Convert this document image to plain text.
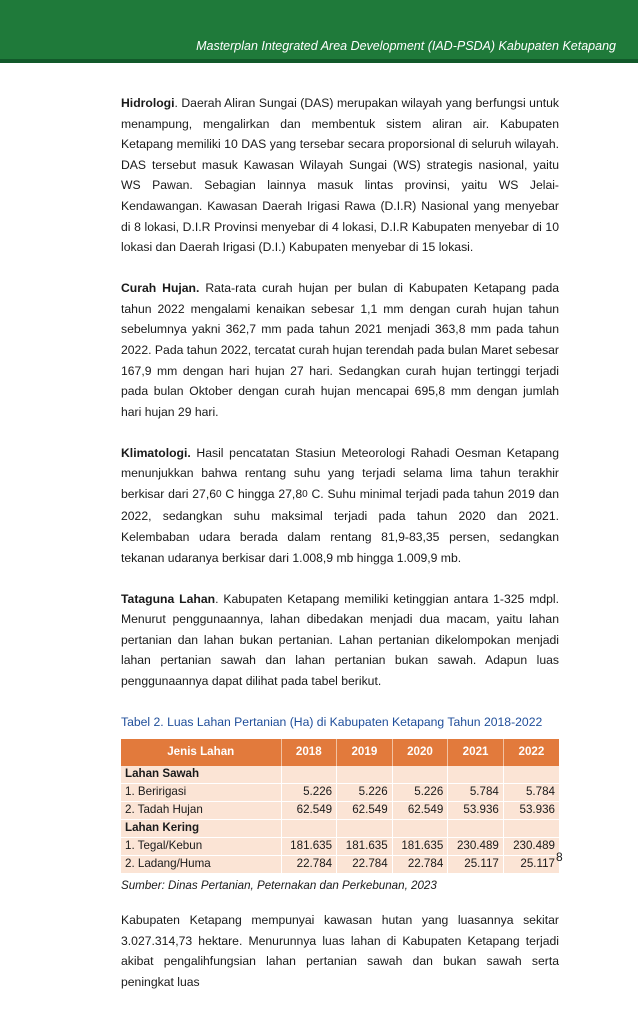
Masterplan Integrated Area Development (IAD-PSDA) Kabupaten Ketapang

Hidrologi. Daerah Aliran Sungai (DAS) merupakan wilayah yang berfungsi untuk menampung, mengalirkan dan membentuk sistem aliran air. Kabupaten Ketapang memiliki 10 DAS yang tersebar secara proporsional di seluruh wilayah. DAS tersebut masuk Kawasan Wilayah Sungai (WS) strategis nasional, yaitu WS Pawan. Sebagian lainnya masuk lintas provinsi, yaitu WS Jelai-Kendawangan. Kawasan Daerah Irigasi Rawa (D.I.R) Nasional yang menyebar di 8 lokasi, D.I.R Provinsi menyebar di 4 lokasi, D.I.R Kabupaten menyebar di 10 lokasi dan Daerah Irigasi (D.I.) Kabupaten menyebar di 15 lokasi.

Curah Hujan. Rata-rata curah hujan per bulan di Kabupaten Ketapang pada tahun 2022 mengalami kenaikan sebesar 1,1 mm dengan curah hujan tahun sebelumnya yakni 362,7 mm pada tahun 2021 menjadi 363,8 mm pada tahun 2022. Pada tahun 2022, tercatat curah hujan terendah pada bulan Maret sebesar 167,9 mm dengan hari hujan 27 hari. Sedangkan curah hujan tertinggi terjadi pada bulan Oktober dengan curah hujan mencapai 695,8 mm dengan jumlah hari hujan 29 hari.

Klimatologi. Hasil pencatatan Stasiun Meteorologi Rahadi Oesman Ketapang menunjukkan bahwa rentang suhu yang terjadi selama lima tahun terakhir berkisar dari 27,6$^0$ C hingga 27,8$^0$ C. Suhu minimal terjadi pada tahun 2019 dan 2022, sedangkan suhu maksimal terjadi pada tahun 2020 dan 2021. Kelembaban udara berada dalam rentang 81,9-83,35 persen, sedangkan tekanan udaranya berkisar dari 1.008,9 mb hingga 1.009,9 mb.

Tataguna Lahan. Kabupaten Ketapang memiliki ketinggian antara 1-325 mdpl. Menurut penggunaannya, lahan dibedakan menjadi dua macam, yaitu lahan pertanian dan lahan bukan pertanian. Lahan pertanian dikelompokan menjadi lahan pertanian sawah dan lahan pertanian bukan sawah. Adapun luas penggunaannya dapat dilihat pada tabel berikut.

Tabel 2. Luas Lahan Pertanian (Ha) di Kabupaten Ketapang Tahun 2018-2022
Jenis Lahan	2018	2019	2020	2021	2022
Lahan Sawah					
1. Beririgasi	5.226	5.226	5.226	5.784	5.784
2. Tadah Hujan	62.549	62.549	62.549	53.936	53.936
Lahan Kering					
1. Tegal/Kebun	181.635	181.635	181.635	230.489	230.489
2. Ladang/Huma	22.784	22.784	22.784	25.117	25.117
Sumber: Dinas Pertanian, Peternakan dan Perkebunan, 2023

Kabupaten Ketapang mempunyai kawasan hutan yang luasannya sekitar 3.027.314,73 hektare. Menurunnya luas lahan di Kabupaten Ketapang terjadi akibat pengalihfungsian lahan pertanian sawah dan bukan sawah serta peningkat luas

8
